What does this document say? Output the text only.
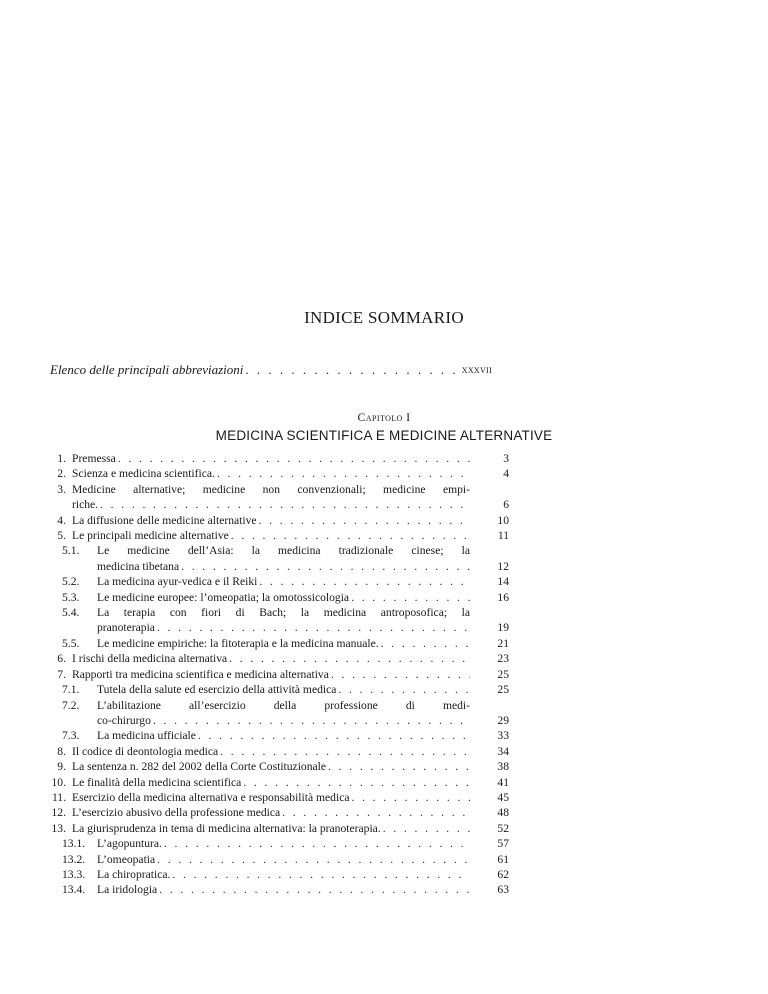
INDICE SOMMARIO
Elenco delle principali abbreviazioni . . .	xxxvii
Capitolo I
MEDICINA SCIENTIFICA E MEDICINE ALTERNATIVE
1. Premessa . . .	3
2. Scienza e medicina scientifica. . . .	4
3. Medicine alternative; medicine non convenzionali; medicine empi-
riche. . . .	6
4. La diffusione delle medicine alternative . . .	10
5. Le principali medicine alternative . . .	11
5.1.	Le medicine dell’Asia: la medicina tradizionale cinese; la
medicina tibetana . . .	12
5.2.	La medicina ayur-vedica e il Reiki . . .	14
5.3.	Le medicine europee: l’omeopatia; la omotossicologia . . .	16
5.4.	La terapia con fiori di Bach; la medicina antroposofica; la
pranoterapia . . .	19
5.5.	Le medicine empiriche: la fitoterapia e la medicina manuale. . . .	21
6. I rischi della medicina alternativa . . .	23
7. Rapporti tra medicina scientifica e medicina alternativa . . .	25
7.1.	Tutela della salute ed esercizio della attività medica . . .	25
7.2.	L’abilitazione all’esercizio della professione di medi-
co-chirurgo . . .	29
7.3.	La medicina ufficiale . . .	33
8. Il codice di deontologia medica . . .	34
9. La sentenza n. 282 del 2002 della Corte Costituzionale . . .	38
10. Le finalità della medicina scientifica . . .	41
11. Esercizio della medicina alternativa e responsabilità medica . . .	45
12. L’esercizio abusivo della professione medica . . .	48
13. La giurisprudenza in tema di medicina alternativa: la pranoterapia. . . .	52
13.1.	L’agopuntura. . . .	57
13.2.	L’omeopatia . . .	61
13.3.	La chiropratica. . . .	62
13.4.	La iridologia . . .	63
